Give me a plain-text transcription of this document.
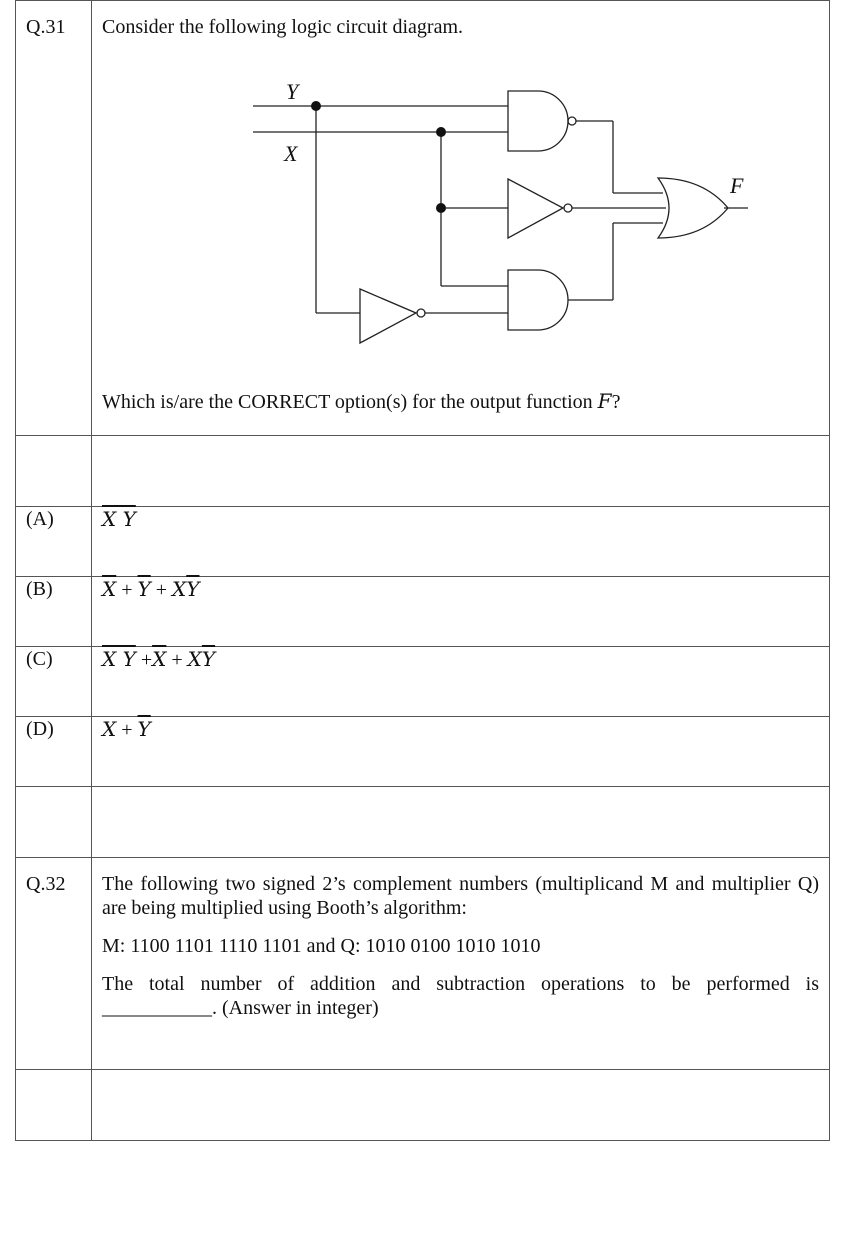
Q.31	Consider the following logic circuit diagram.
Y
X
F
Which is/are the CORRECT option(s) for the output function F?

(A)	X Y
(B)	$\overline{X} + \overline{Y} + X\overline{Y}$
(C)	X $Y +\overline{X} + X\overline{Y}$
(D)	$X + \overline{Y}$

Q.32	The following two signed 2’s complement numbers (multiplicand M and multiplier Q) are being multiplied using Booth’s algorithm:

M: 1100 1101 1110 1101 and Q: 1010 0100 1010 1010

The total number of addition and subtraction operations to be performed is ___________. (Answer in integer)
